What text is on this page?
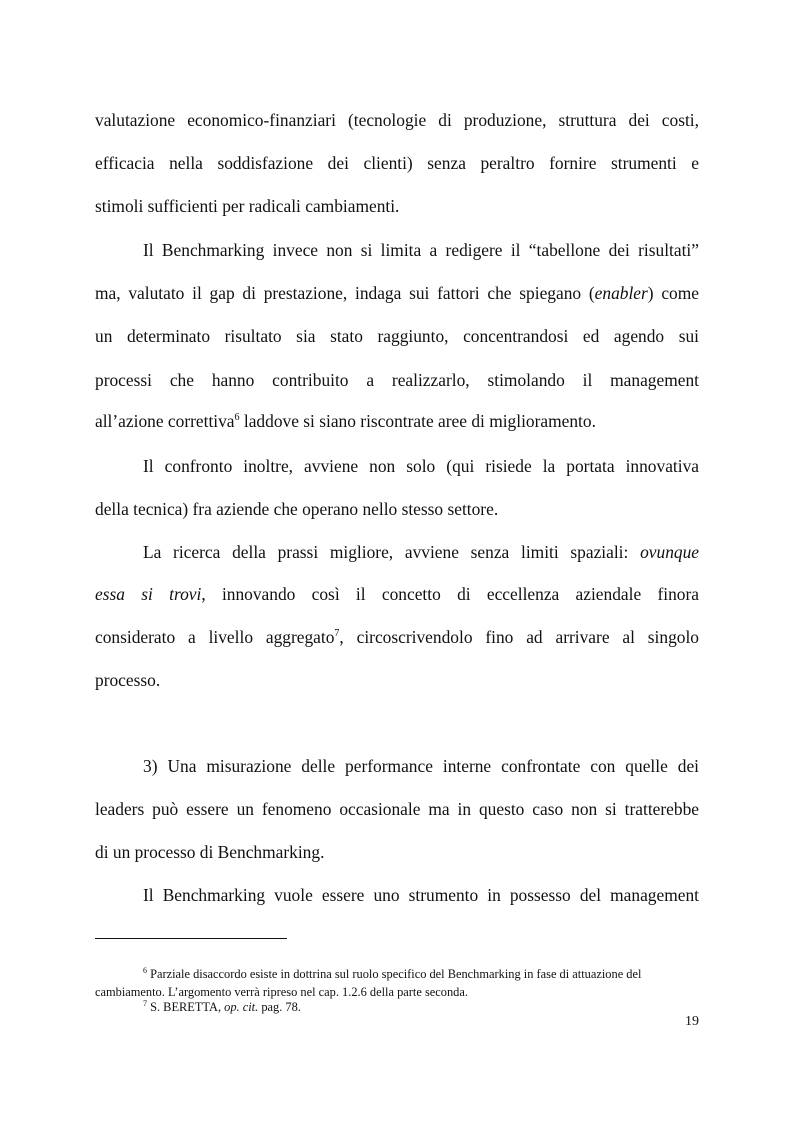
valutazione economico-finanziari (tecnologie di produzione, struttura dei costi,
efficacia nella soddisfazione dei clienti) senza peraltro fornire strumenti e
stimoli sufficienti per radicali cambiamenti.
Il Benchmarking invece non si limita a redigere il “tabellone dei risultati”
ma, valutato il gap di prestazione, indaga sui fattori che spiegano (enabler) come
un determinato risultato sia stato raggiunto, concentrandosi ed agendo sui
processi che hanno contribuito a realizzarlo, stimolando il management
all’azione correttiva$^6$ laddove si siano riscontrate aree di miglioramento.
Il confronto inoltre, avviene non solo (qui risiede la portata innovativa
della tecnica) fra aziende che operano nello stesso settore.
La ricerca della prassi migliore, avviene senza limiti spaziali: ovunque
essa si trovi, innovando così il concetto di eccellenza aziendale finora
considerato a livello aggregato$^7$, circoscrivendolo fino ad arrivare al singolo
processo.
3) Una misurazione delle performance interne confrontate con quelle dei
leaders può essere un fenomeno occasionale ma in questo caso non si tratterebbe
di un processo di Benchmarking.
Il Benchmarking vuole essere uno strumento in possesso del management
$^6$ Parziale disaccordo esiste in dottrina sul ruolo specifico del Benchmarking in fase di attuazione del
cambiamento. L’argomento verrà ripreso nel cap. 1.2.6 della parte seconda.
$^7$ S. BERETTA, op. cit. pag. 78.
19
